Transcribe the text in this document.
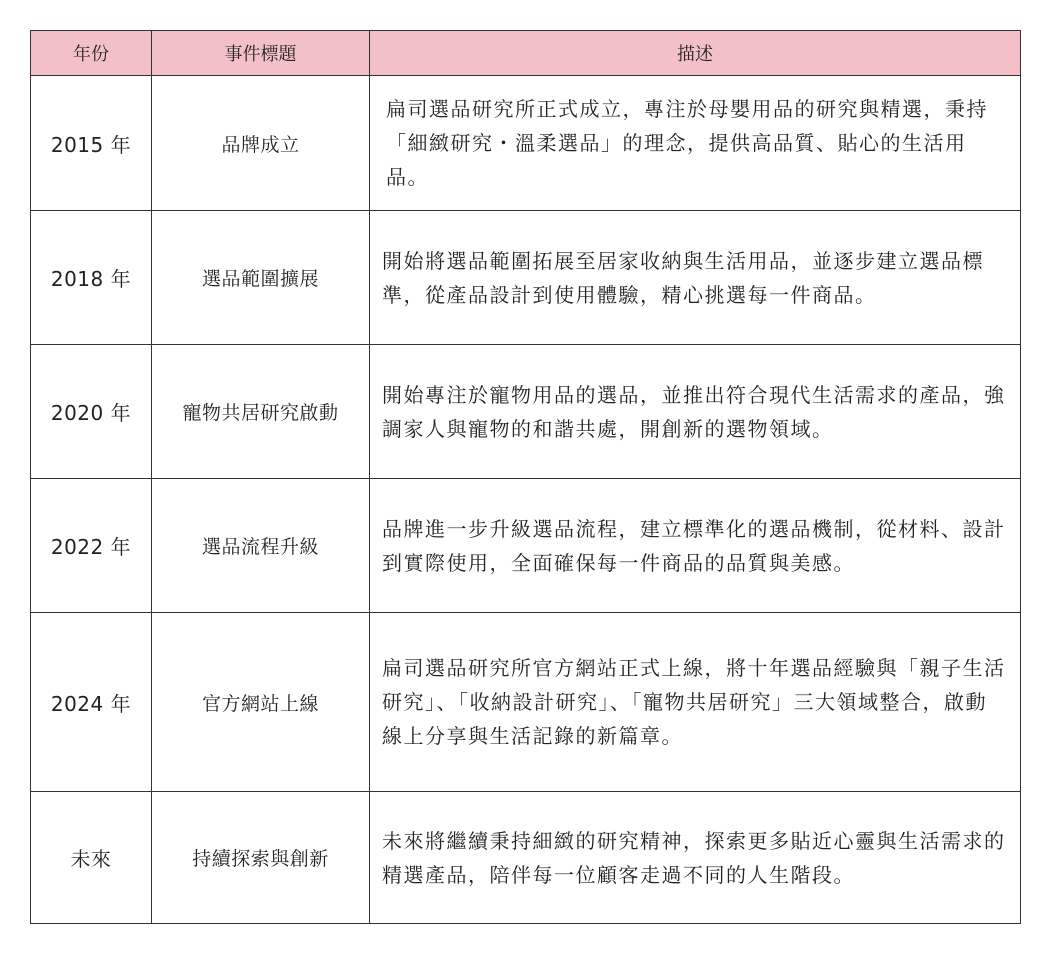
年份	事件標題	描述
2015 年	品牌成立	扁司選品研究所正式成立，專注於母嬰用品的研究與精選，秉持「細緻研究・溫柔選品」的理念，提供高品質、貼心的生活用品。
2018 年	選品範圍擴展	開始將選品範圍拓展至居家收納與生活用品，並逐步建立選品標準，從產品設計到使用體驗，精心挑選每一件商品。
2020 年	寵物共居研究啟動	開始專注於寵物用品的選品，並推出符合現代生活需求的產品，強調家人與寵物的和諧共處，開創新的選物領域。
2022 年	選品流程升級	品牌進一步升級選品流程，建立標準化的選品機制，從材料、設計到實際使用，全面確保每一件商品的品質與美感。
2024 年	官方網站上線	扁司選品研究所官方網站正式上線，將十年選品經驗與「親子生活研究」、「收納設計研究」、「寵物共居研究」三大領域整合，啟動線上分享與生活記錄的新篇章。
未來	持續探索與創新	未來將繼續秉持細緻的研究精神，探索更多貼近心靈與生活需求的精選產品，陪伴每一位顧客走過不同的人生階段。
